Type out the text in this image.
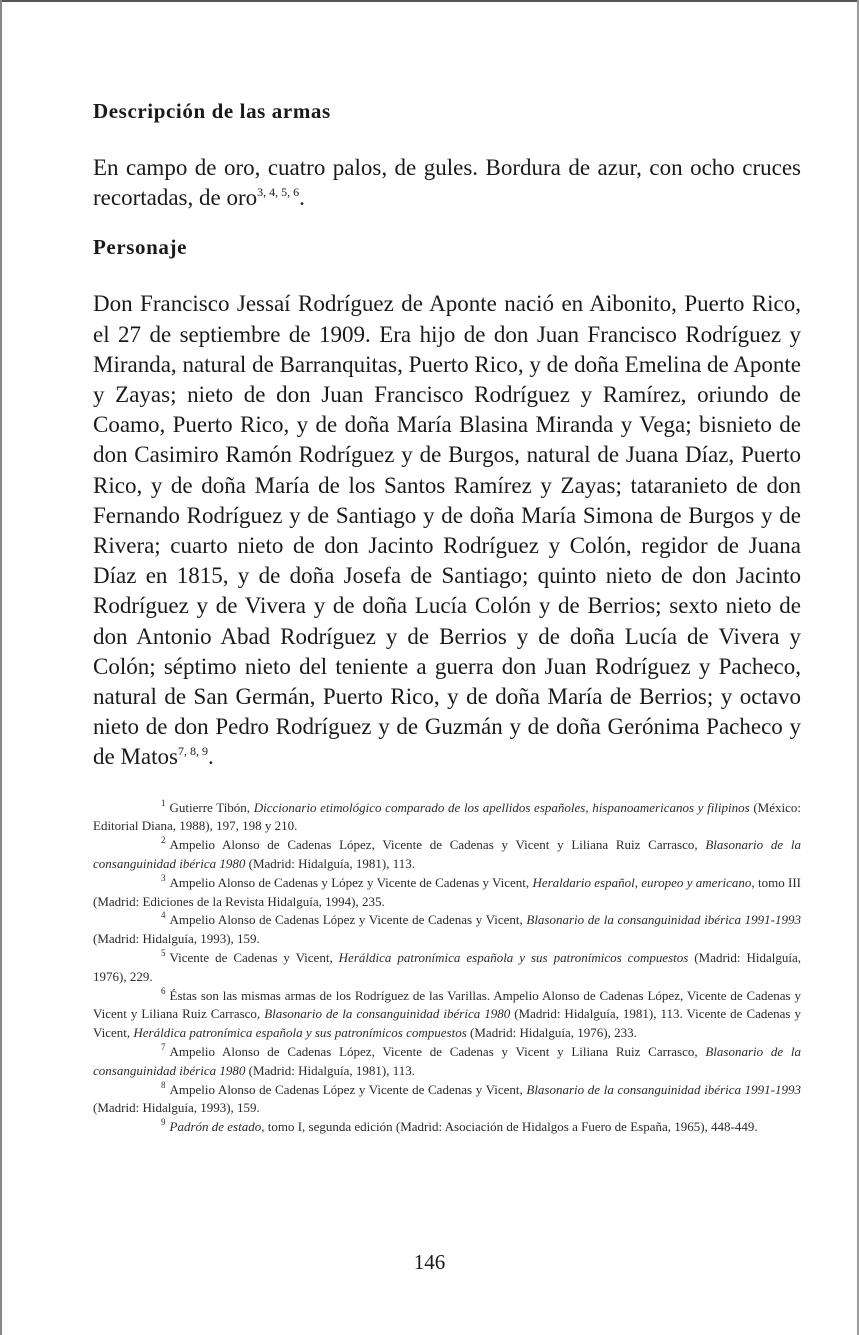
Descripción de las armas

En campo de oro, cuatro palos, de gules. Bordura de azur, con ocho cruces recortadas, de oro$^{3, 4, 5, 6}$.

Personaje

Don Francisco Jessaí Rodríguez de Aponte nació en Aibonito, Puerto Rico, el 27 de septiembre de 1909. Era hijo de don Juan Francisco Rodríguez y Miranda, natural de Barranquitas, Puerto Rico, y de doña Emelina de Aponte y Zayas; nieto de don Juan Francisco Rodríguez y Ramírez, oriundo de Coamo, Puerto Rico, y de doña María Blasina Miranda y Vega; bisnieto de don Casimiro Ramón Rodríguez y de Burgos, natural de Juana Díaz, Puerto Rico, y de doña María de los Santos Ramírez y Zayas; tataranieto de don Fernando Rodríguez y de Santiago y de doña María Simona de Burgos y de Rivera; cuarto nieto de don Jacinto Rodríguez y Colón, regidor de Juana Díaz en 1815, y de doña Josefa de Santiago; quinto nieto de don Jacinto Rodríguez y de Vivera y de doña Lucía Colón y de Berrios; sexto nieto de don Antonio Abad Rodríguez y de Berrios y de doña Lucía de Vivera y Colón; séptimo nieto del teniente a guerra don Juan Rodríguez y Pacheco, natural de San Germán, Puerto Rico, y de doña María de Berrios; y octavo nieto de don Pedro Rodríguez y de Guzmán y de doña Gerónima Pacheco y de Matos$^{7, 8, 9}$.

$^1$ Gutierre Tibón, Diccionario etimológico comparado de los apellidos españoles, hispanoamericanos y filipinos (México: Editorial Diana, 1988), 197, 198 y 210.

$^2$ Ampelio Alonso de Cadenas López, Vicente de Cadenas y Vicent y Liliana Ruiz Carrasco, Blasonario de la consanguinidad ibérica 1980 (Madrid: Hidalguía, 1981), 113.

$^3$ Ampelio Alonso de Cadenas y López y Vicente de Cadenas y Vicent, Heraldario español, europeo y americano, tomo III (Madrid: Ediciones de la Revista Hidalguía, 1994), 235.

$^4$ Ampelio Alonso de Cadenas López y Vicente de Cadenas y Vicent, Blasonario de la consanguinidad ibérica 1991-1993 (Madrid: Hidalguía, 1993), 159.

$^5$ Vicente de Cadenas y Vicent, Heráldica patronímica española y sus patronímicos compuestos (Madrid: Hidalguía, 1976), 229.

$^6$ Éstas son las mismas armas de los Rodríguez de las Varillas. Ampelio Alonso de Cadenas López, Vicente de Cadenas y Vicent y Liliana Ruiz Carrasco, Blasonario de la consanguinidad ibérica 1980 (Madrid: Hidalguía, 1981), 113. Vicente de Cadenas y Vicent, Heráldica patronímica española y sus patronímicos compuestos (Madrid: Hidalguía, 1976), 233.

$^7$ Ampelio Alonso de Cadenas López, Vicente de Cadenas y Vicent y Liliana Ruiz Carrasco, Blasonario de la consanguinidad ibérica 1980 (Madrid: Hidalguía, 1981), 113.

$^8$ Ampelio Alonso de Cadenas López y Vicente de Cadenas y Vicent, Blasonario de la consanguinidad ibérica 1991-1993 (Madrid: Hidalguía, 1993), 159.

$^9$ Padrón de estado, tomo I, segunda edición (Madrid: Asociación de Hidalgos a Fuero de España, 1965), 448-449.

146
